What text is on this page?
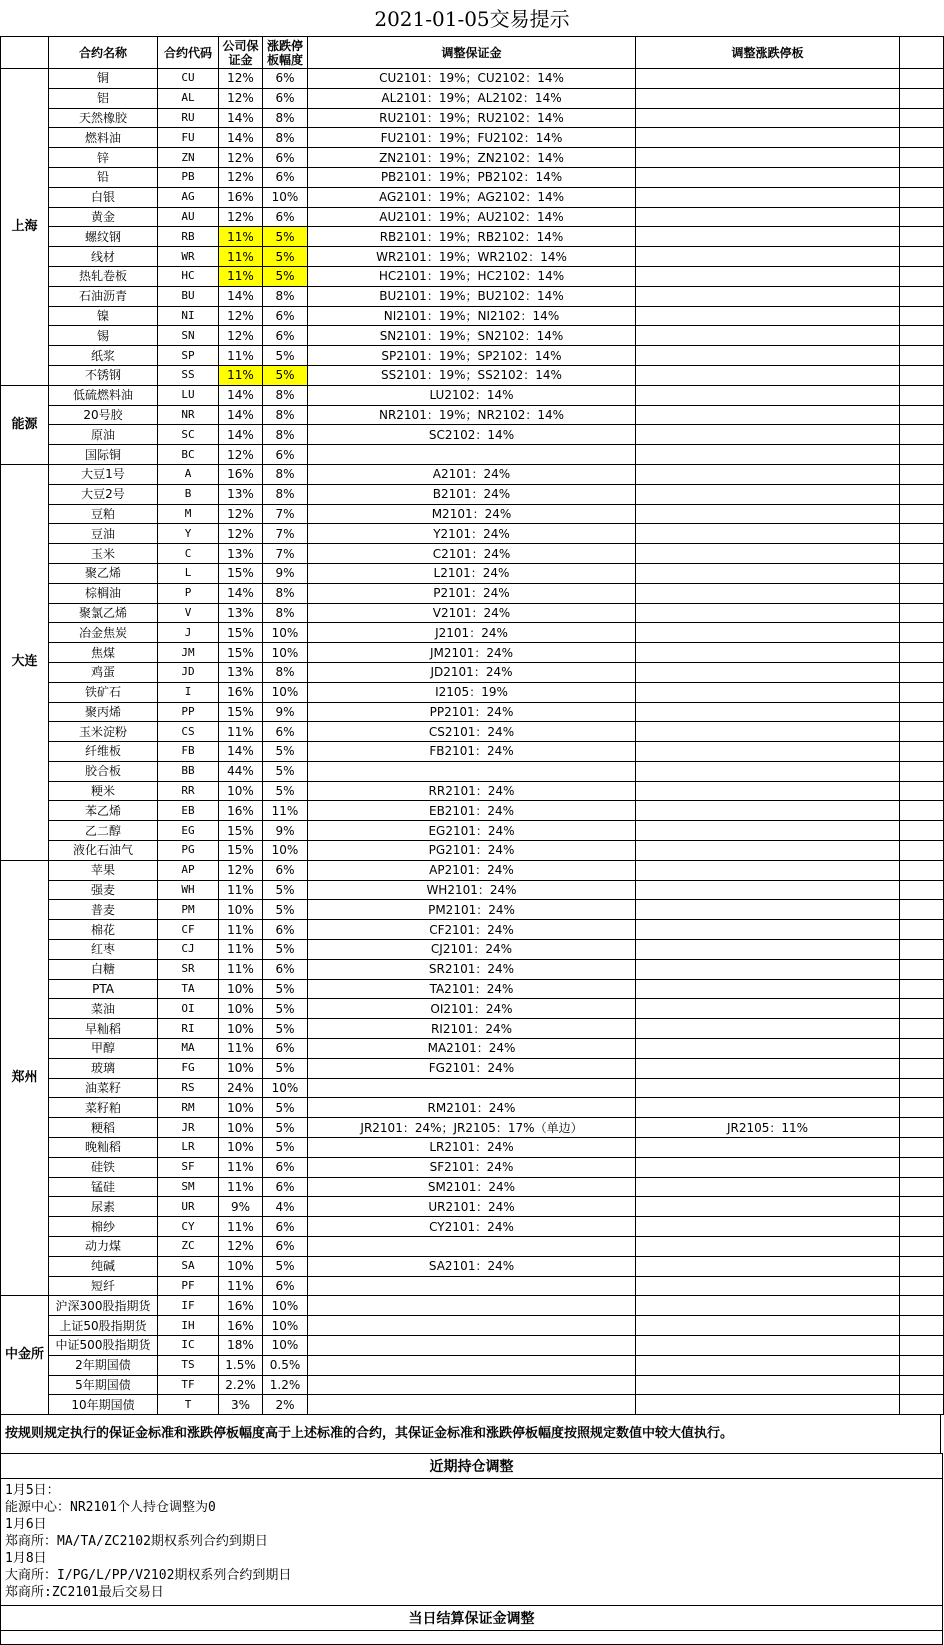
2021-01-05交易提示
	合约名称	合约代码	公司保证金	涨跌停板幅度	调整保证金	调整涨跌停板	
上海	铜	CU	12%	6%	CU2101：19%；CU2102：14%		
	铝	AL	12%	6%	AL2101：19%；AL2102：14%		
	天然橡胶	RU	14%	8%	RU2101：19%；RU2102：14%		
	燃料油	FU	14%	8%	FU2101：19%；FU2102：14%		
	锌	ZN	12%	6%	ZN2101：19%；ZN2102：14%		
	铅	PB	12%	6%	PB2101：19%；PB2102：14%		
	白银	AG	16%	10%	AG2101：19%；AG2102：14%		
	黄金	AU	12%	6%	AU2101：19%；AU2102：14%		
	螺纹钢	RB	11%	5%	RB2101：19%；RB2102：14%		
	线材	WR	11%	5%	WR2101：19%；WR2102：14%		
	热轧卷板	HC	11%	5%	HC2101：19%；HC2102：14%		
	石油沥青	BU	14%	8%	BU2101：19%；BU2102：14%		
	镍	NI	12%	6%	NI2101：19%；NI2102：14%		
	锡	SN	12%	6%	SN2101：19%；SN2102：14%		
	纸浆	SP	11%	5%	SP2101：19%；SP2102：14%		
	不锈钢	SS	11%	5%	SS2101：19%；SS2102：14%		
能源	低硫燃料油	LU	14%	8%	LU2102：14%		
	20号胶	NR	14%	8%	NR2101：19%；NR2102：14%		
	原油	SC	14%	8%	SC2102：14%		
	国际铜	BC	12%	6%			
大连	大豆1号	A	16%	8%	A2101：24%		
	大豆2号	B	13%	8%	B2101：24%		
	豆粕	M	12%	7%	M2101：24%		
	豆油	Y	12%	7%	Y2101：24%		
	玉米	C	13%	7%	C2101：24%		
	聚乙烯	L	15%	9%	L2101：24%		
	棕榈油	P	14%	8%	P2101：24%		
	聚氯乙烯	V	13%	8%	V2101：24%		
	冶金焦炭	J	15%	10%	J2101：24%		
	焦煤	JM	15%	10%	JM2101：24%		
	鸡蛋	JD	13%	8%	JD2101：24%		
	铁矿石	I	16%	10%	I2105：19%		
	聚丙烯	PP	15%	9%	PP2101：24%		
	玉米淀粉	CS	11%	6%	CS2101：24%		
	纤维板	FB	14%	5%	FB2101：24%		
	胶合板	BB	44%	5%			
	粳米	RR	10%	5%	RR2101：24%		
	苯乙烯	EB	16%	11%	EB2101：24%		
	乙二醇	EG	15%	9%	EG2101：24%		
	液化石油气	PG	15%	10%	PG2101：24%		
郑州	苹果	AP	12%	6%	AP2101：24%		
	强麦	WH	11%	5%	WH2101：24%		
	普麦	PM	10%	5%	PM2101：24%		
	棉花	CF	11%	6%	CF2101：24%		
	红枣	CJ	11%	5%	CJ2101：24%		
	白糖	SR	11%	6%	SR2101：24%		
	PTA	TA	10%	5%	TA2101：24%		
	菜油	OI	10%	5%	OI2101：24%		
	早籼稻	RI	10%	5%	RI2101：24%		
	甲醇	MA	11%	6%	MA2101：24%		
	玻璃	FG	10%	5%	FG2101：24%		
	油菜籽	RS	24%	10%			
	菜籽粕	RM	10%	5%	RM2101：24%		
	粳稻	JR	10%	5%	JR2101：24%；JR2105：17%（单边）	JR2105：11%	
	晚籼稻	LR	10%	5%	LR2101：24%		
	硅铁	SF	11%	6%	SF2101：24%		
	锰硅	SM	11%	6%	SM2101：24%		
	尿素	UR	9%	4%	UR2101：24%		
	棉纱	CY	11%	6%	CY2101：24%		
	动力煤	ZC	12%	6%			
	纯碱	SA	10%	5%	SA2101：24%		
	短纤	PF	11%	6%			
中金所	沪深300股指期货	IF	16%	10%			
	上证50股指期货	IH	16%	10%			
	中证500股指期货	IC	18%	10%			
	2年期国债	TS	1.5%	0.5%			
	5年期国债	TF	2.2%	1.2%			
	10年期国债	T	3%	2%			
按规则规定执行的保证金标准和涨跌停板幅度高于上述标准的合约，其保证金标准和涨跌停板幅度按照规定数值中较大值执行。
近期持仓调整
1月5日：
能源中心：NR2101个人持仓调整为0
1月6日
郑商所：MA/TA/ZC2102期权系列合约到期日
1月8日
大商所：I/PG/L/PP/V2102期权系列合约到期日
郑商所:ZC2101最后交易日
当日结算保证金调整
